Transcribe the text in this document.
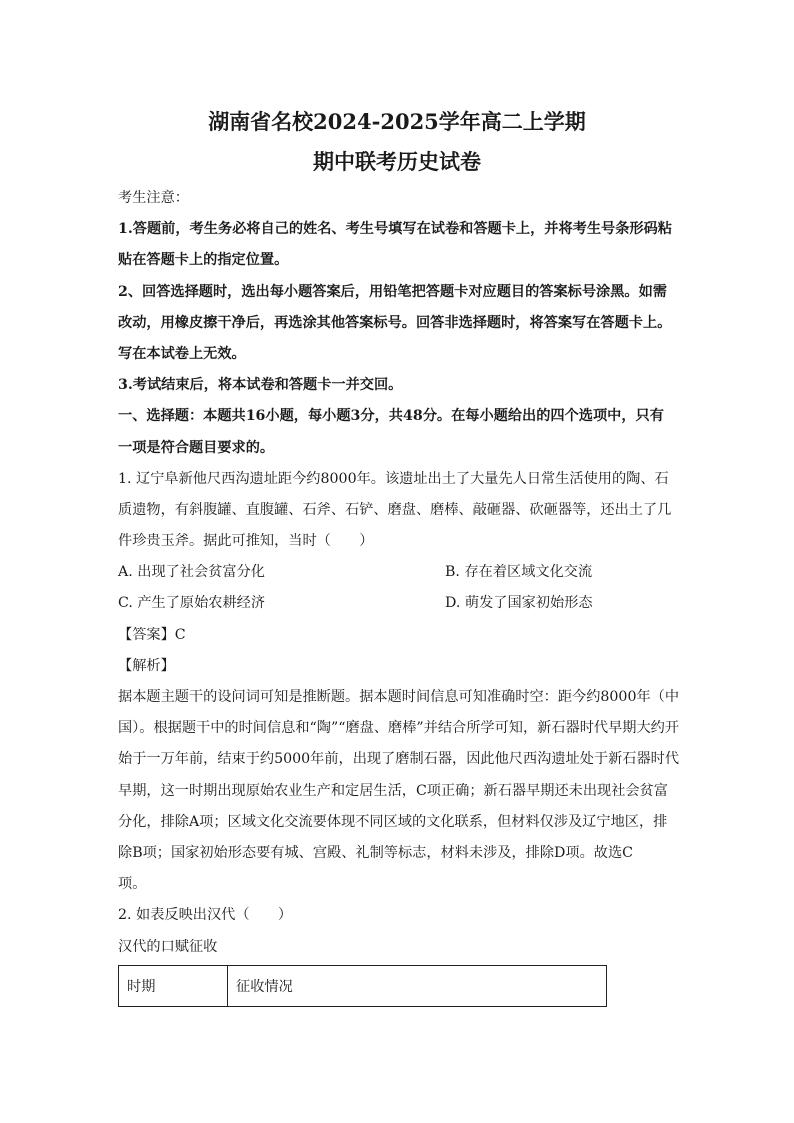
湖南省名校2024-2025学年高二上学期
期中联考历史试卷
考生注意：
1.答题前，考生务必将自己的姓名、考生号填写在试卷和答题卡上，并将考生号条形码粘
贴在答题卡上的指定位置。
2、回答选择题时，选出每小题答案后，用铅笔把答题卡对应题目的答案标号涂黑。如需
改动，用橡皮擦干净后，再选涂其他答案标号。回答非选择题时，将答案写在答题卡上。
写在本试卷上无效。
3.考试结束后，将本试卷和答题卡一并交回。
一、选择题：本题共16小题，每小题3分，共48分。在每小题给出的四个选项中，只有
一项是符合题目要求的。
1. 辽宁阜新他尺西沟遗址距今约8000年。该遗址出土了大量先人日常生活使用的陶、石
质遗物，有斜腹罐、直腹罐、石斧、石铲、磨盘、磨棒、敲砸器、砍砸器等，还出土了几
件珍贵玉斧。据此可推知，当时（　　）
A. 出现了社会贫富分化	B. 存在着区域文化交流
C. 产生了原始农耕经济	D. 萌发了国家初始形态
【答案】C
【解析】
据本题主题干的设问词可知是推断题。据本题时间信息可知准确时空：距今约8000年（中
国）。根据题干中的时间信息和“陶”“磨盘、磨棒”并结合所学可知，新石器时代早期大约开
始于一万年前，结束于约5000年前，出现了磨制石器，因此他尺西沟遗址处于新石器时代
早期，这一时期出现原始农业生产和定居生活，C项正确；新石器早期还未出现社会贫富
分化，排除A项；区域文化交流要体现不同区域的文化联系，但材料仅涉及辽宁地区，排
除B项；国家初始形态要有城、宫殿、礼制等标志，材料未涉及，排除D项。故选C
项。
2. 如表反映出汉代（　　）
汉代的口赋征收
时期	征收情况
